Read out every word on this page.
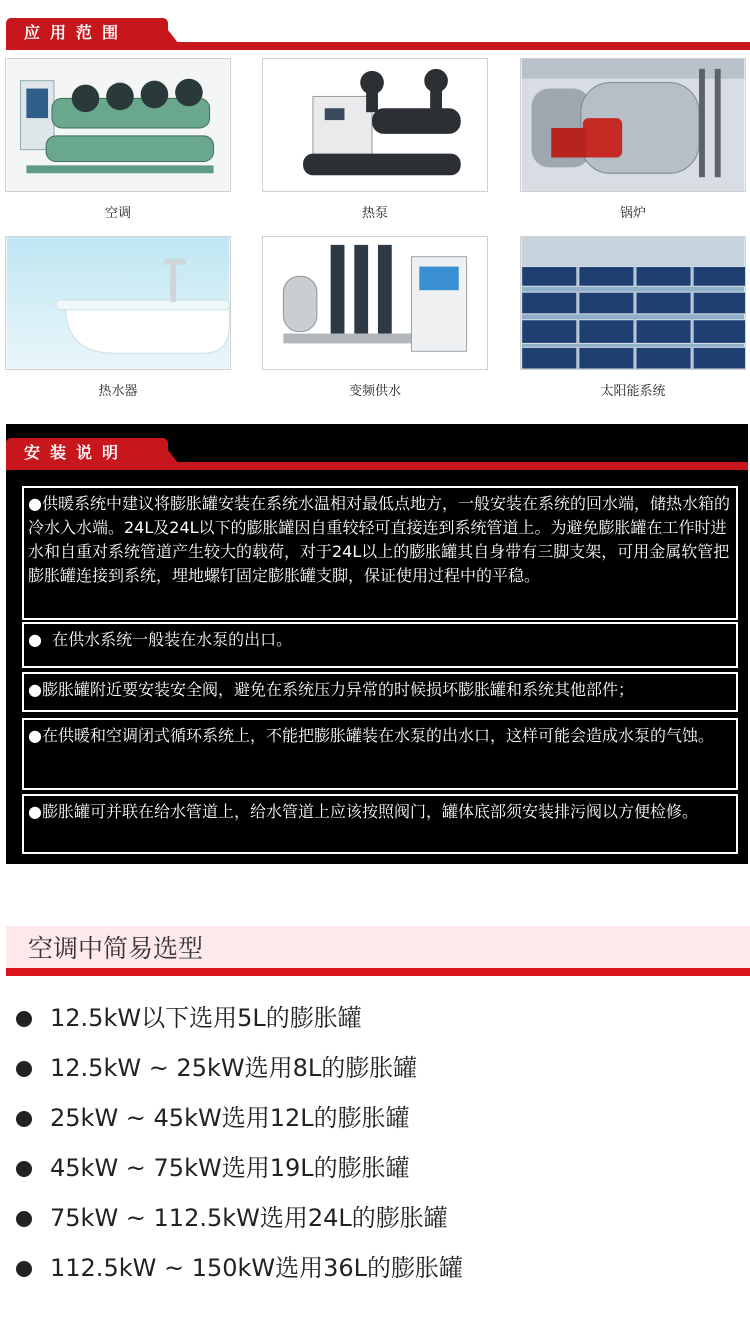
应用范围
空调	热泵	锅炉
热水器	变频供水	太阳能系统
安装说明
●供暖系统中建议将膨胀罐安装在系统水温相对最低点地方，一般安装在系统的回水端，储热水箱的冷水入水端。24L及24L以下的膨胀罐因自重较轻可直接连到系统管道上。为避免膨胀罐在工作时进水和自重对系统管道产生较大的载荷，对于24L以上的膨胀罐其自身带有三脚支架，可用金属软管把膨胀罐连接到系统，埋地螺钉固定膨胀罐支脚，保证使用过程中的平稳。
●  在供水系统一般装在水泵的出口。
●膨胀罐附近要安装安全阀，避免在系统压力异常的时候损坏膨胀罐和系统其他部件；
●在供暖和空调闭式循环系统上，不能把膨胀罐装在水泵的出水口，这样可能会造成水泵的气蚀。
●膨胀罐可并联在给水管道上，给水管道上应该按照阀门，罐体底部须安装排污阀以方便检修。
空调中简易选型
12.5kW以下选用5L的膨胀罐
12.5kW ~ 25kW选用8L的膨胀罐
25kW ~ 45kW选用12L的膨胀罐
45kW ~ 75kW选用19L的膨胀罐
75kW ~ 112.5kW选用24L的膨胀罐
112.5kW ~ 150kW选用36L的膨胀罐
